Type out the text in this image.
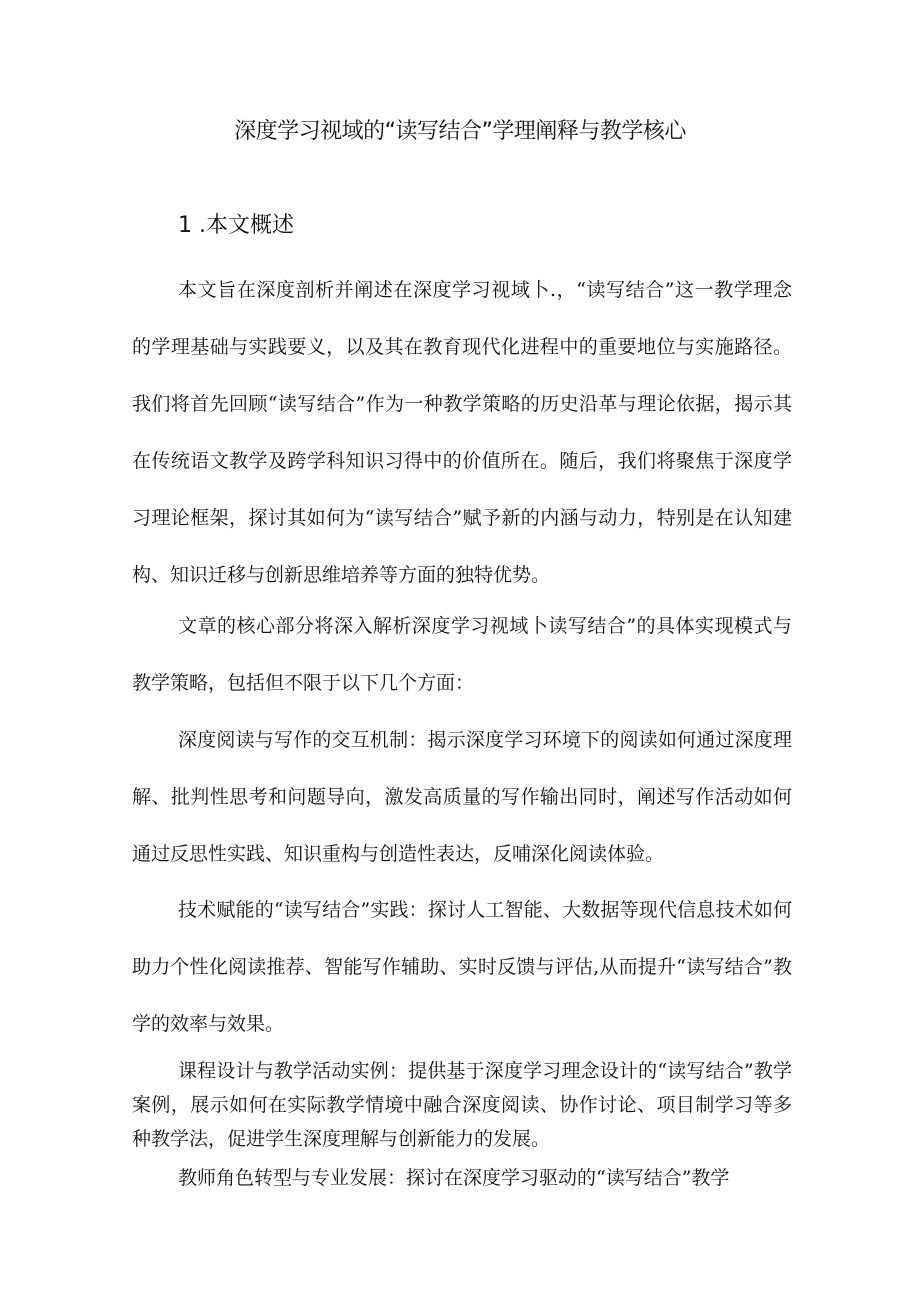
深度学习视域的“读写结合”学理阐释与教学核心
1 .本文概述

本文旨在深度剖析并阐述在深度学习视域卜.，“读写结合”这一教学理念的学理基础与实践要义，以及其在教育现代化进程中的重要地位与实施路径。我们将首先回顾“读写结合”作为一种教学策略的历史沿革与理论依据，揭示其在传统语文教学及跨学科知识习得中的价值所在。随后，我们将聚焦于深度学习理论框架，探讨其如何为“读写结合”赋予新的内涵与动力，特别是在认知建构、知识迁移与创新思维培养等方面的独特优势。

文章的核心部分将深入解析深度学习视域卜读写结合”的具体实现模式与教学策略，包括但不限于以下几个方面：

深度阅读与写作的交互机制：揭示深度学习环境下的阅读如何通过深度理解、批判性思考和问题导向，激发高质量的写作输出同时，阐述写作活动如何通过反思性实践、知识重构与创造性表达，反哺深化阅读体验。

技术赋能的“读写结合”实践：探讨人工智能、大数据等现代信息技术如何助力个性化阅读推荐、智能写作辅助、实时反馈与评估,从而提升“读写结合”教学的效率与效果。

课程设计与教学活动实例：提供基于深度学习理念设计的“读写结合”教学案例，展示如何在实际教学情境中融合深度阅读、协作讨论、项目制学习等多种教学法，促进学生深度理解与创新能力的发展。

教师角色转型与专业发展：探讨在深度学习驱动的“读写结合”教学
